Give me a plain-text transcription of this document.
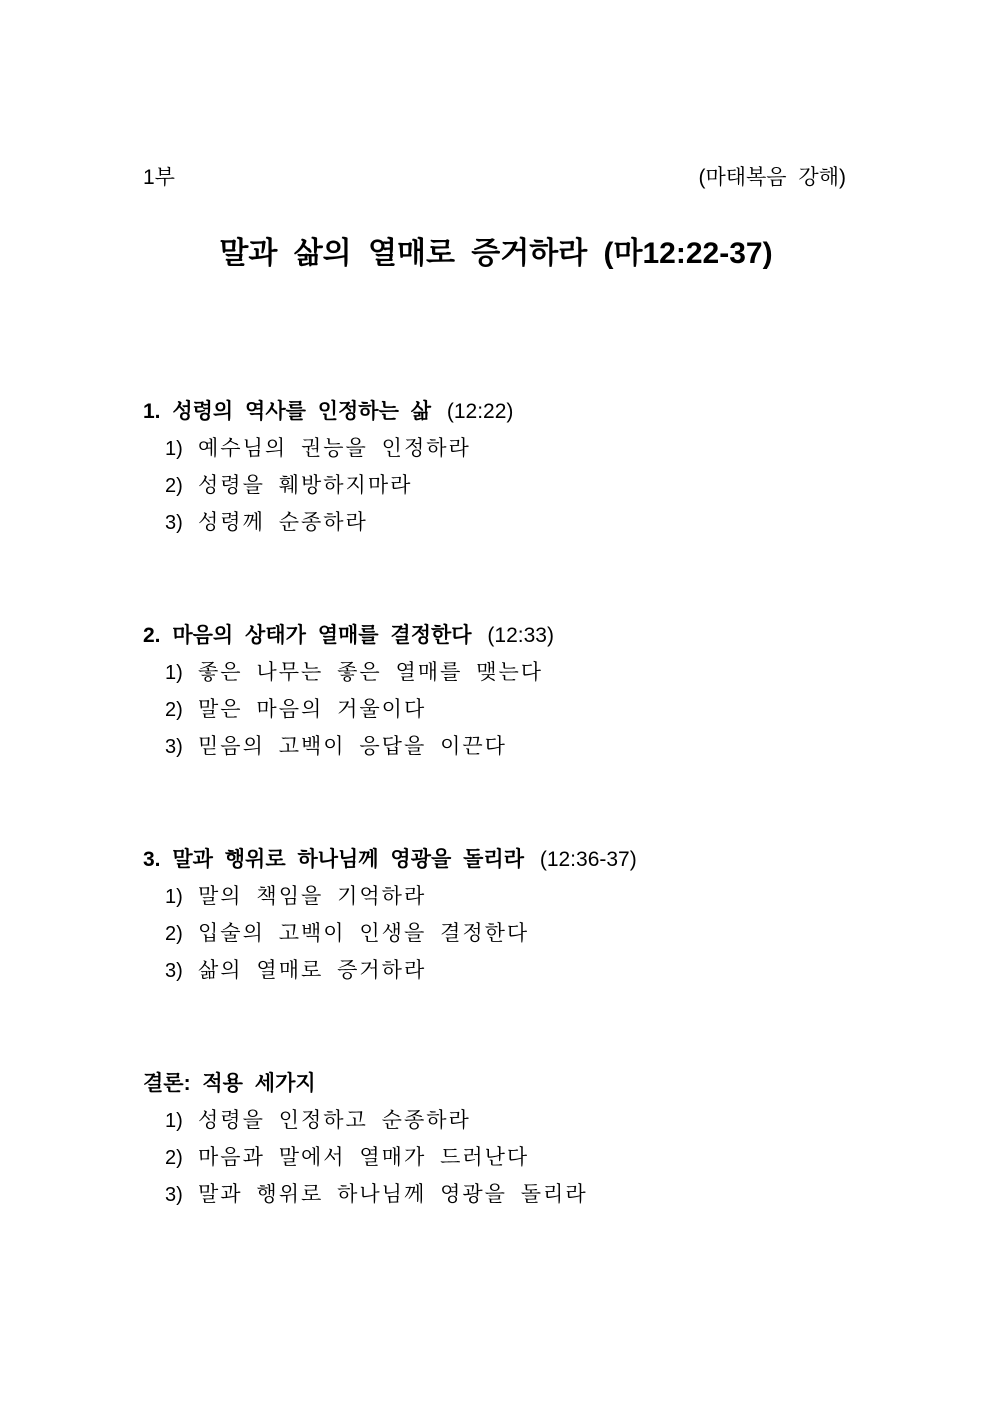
1부	(마태복음 강해)
말과 삶의 열매로 증거하라 (마12:22-37)
1. 성령의 역사를 인정하는 삶 (12:22)
1) 예수님의 권능을 인정하라
2) 성령을 훼방하지마라
3) 성령께 순종하라
2. 마음의 상태가 열매를 결정한다 (12:33)
1) 좋은 나무는 좋은 열매를 맺는다
2) 말은 마음의 거울이다
3) 믿음의 고백이 응답을 이끈다
3. 말과 행위로 하나님께 영광을 돌리라 (12:36-37)
1) 말의 책임을 기억하라
2) 입술의 고백이 인생을 결정한다
3) 삶의 열매로 증거하라
결론: 적용 세가지
1) 성령을 인정하고 순종하라
2) 마음과 말에서 열매가 드러난다
3) 말과 행위로 하나님께 영광을 돌리라
